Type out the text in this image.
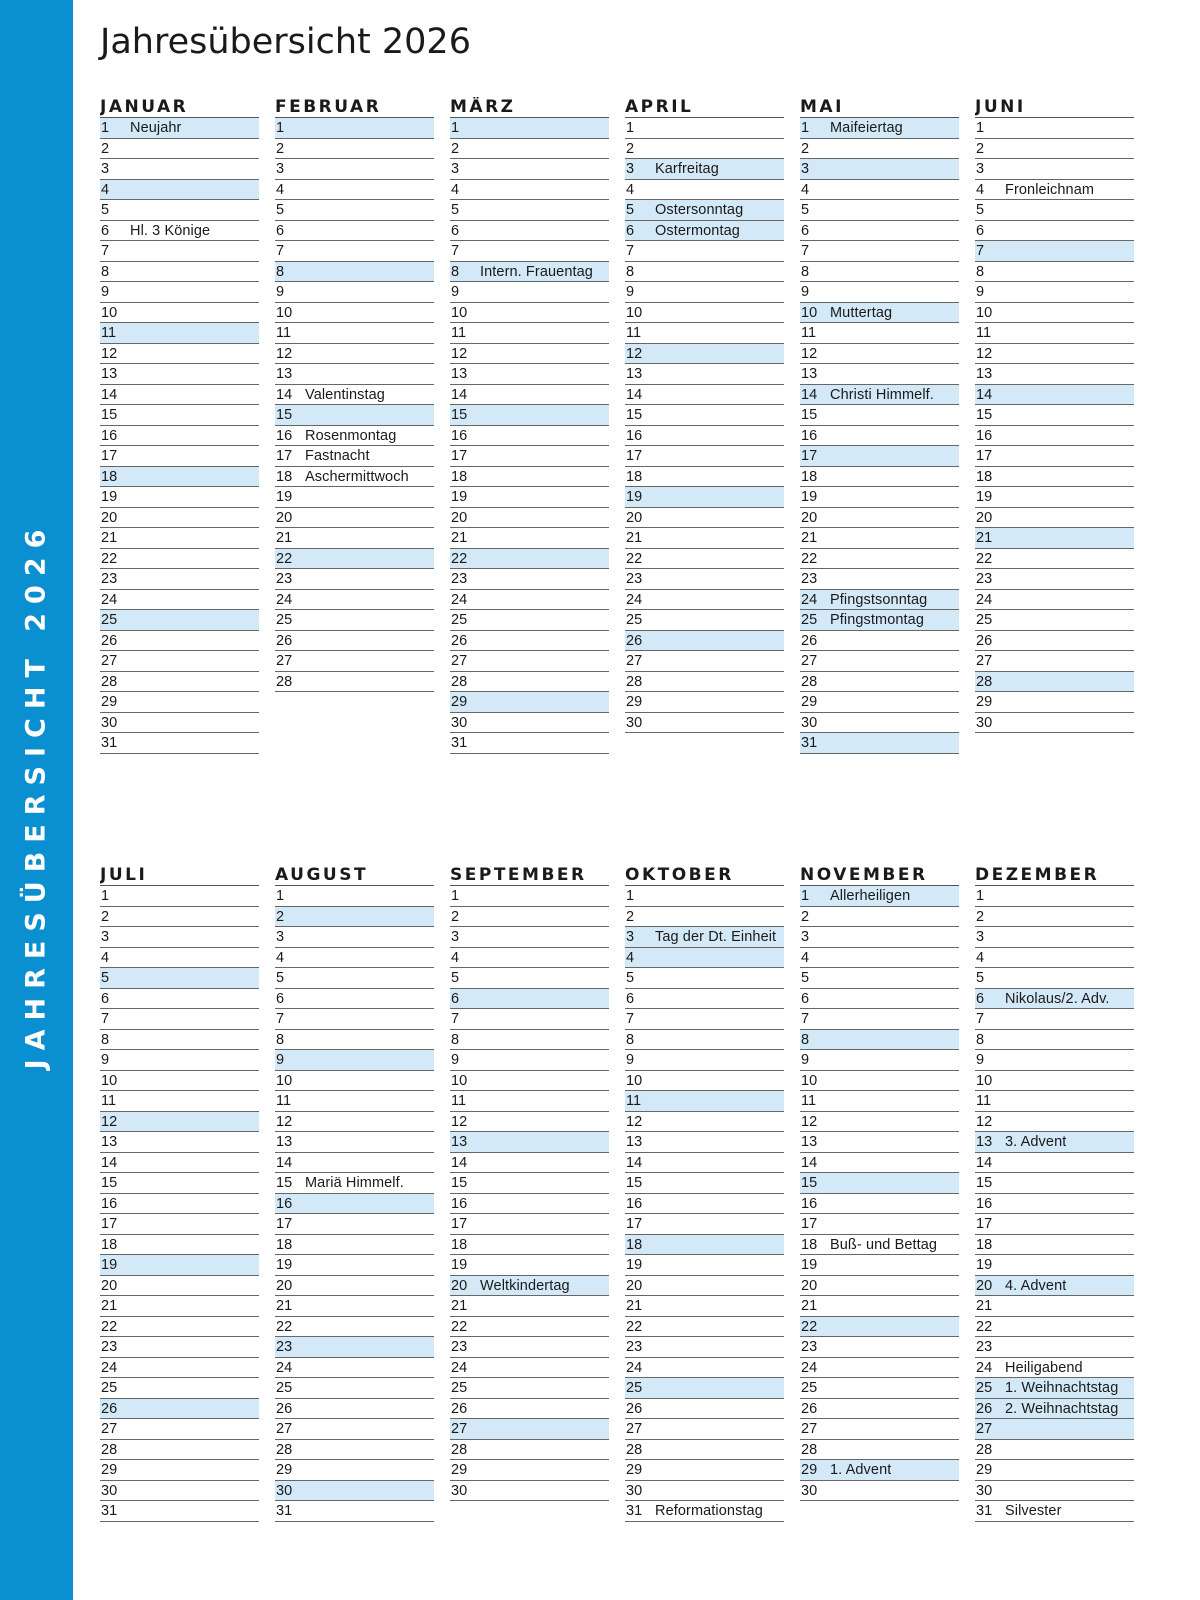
JAHRESÜBERSICHT 2026
Jahresübersicht 2026
JANUAR
1	Neujahr
2
3
4
5
6	Hl. 3 Könige
7
8
9
10
11
12
13
14
15
16
17
18
19
20
21
22
23
24
25
26
27
28
29
30
31
FEBRUAR
1
2
3
4
5
6
7
8
9
10
11
12
13
14 Valentinstag
15
16 Rosenmontag
17 Fastnacht
18 Aschermittwoch
19
20
21
22
23
24
25
26
27
28
MÄRZ
1
2
3
4
5
6
7
8	Intern. Frauentag
9
10
11
12
13
14
15
16
17
18
19
20
21
22
23
24
25
26
27
28
29
30
31
APRIL
1
2
3	Karfreitag
4
5	Ostersonntag
6	Ostermontag
7
8
9
10
11
12
13
14
15
16
17
18
19
20
21
22
23
24
25
26
27
28
29
30
MAI
1	Maifeiertag
2
3
4
5
6
7
8
9
10 Muttertag
11
12
13
14 Christi Himmelf.
15
16
17
18
19
20
21
22
23
24 Pfingstsonntag
25 Pfingstmontag
26
27
28
29
30
31
JUNI
1
2
3
4	Fronleichnam
5
6
7
8
9
10
11
12
13
14
15
16
17
18
19
20
21
22
23
24
25
26
27
28
29
30
JULI
1
2
3
4
5
6
7
8
9
10
11
12
13
14
15
16
17
18
19
20
21
22
23
24
25
26
27
28
29
30
31
AUGUST
1
2
3
4
5
6
7
8
9
10
11
12
13
14
15 Mariä Himmelf.
16
17
18
19
20
21
22
23
24
25
26
27
28
29
30
31
SEPTEMBER
1
2
3
4
5
6
7
8
9
10
11
12
13
14
15
16
17
18
19
20 Weltkindertag
21
22
23
24
25
26
27
28
29
30
OKTOBER
1
2
3	Tag der Dt. Einheit
4
5
6
7
8
9
10
11
12
13
14
15
16
17
18
19
20
21
22
23
24
25
26
27
28
29
30
31 Reformationstag
NOVEMBER
1	Allerheiligen
2
3
4
5
6
7
8
9
10
11
12
13
14
15
16
17
18 Buß- und Bettag
19
20
21
22
23
24
25
26
27
28
29 1. Advent
30
DEZEMBER
1
2
3
4
5
6	Nikolaus/2. Adv.
7
8
9
10
11
12
13 3. Advent
14
15
16
17
18
19
20 4. Advent
21
22
23
24 Heiligabend
25 1. Weihnachtstag
26 2. Weihnachtstag
27
28
29
30
31 Silvester
